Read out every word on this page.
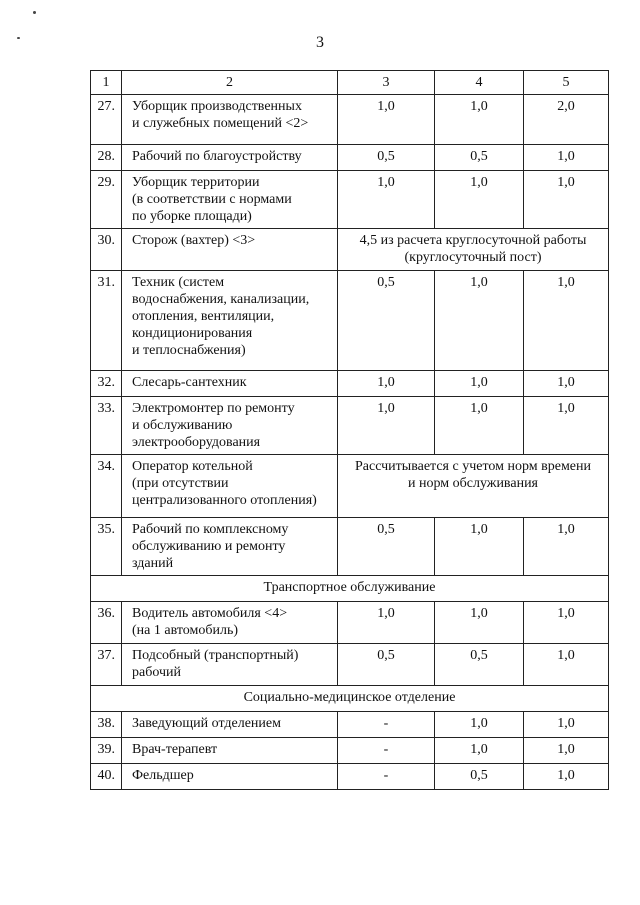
3
1	2	3	4	5
27.	Уборщик производственных
и служебных помещений <2>	1,0	1,0	2,0
28.	Рабочий по благоустройству	0,5	0,5	1,0
29.	Уборщик территории
(в соответствии с нормами
по уборке площади)	1,0	1,0	1,0
30.	Сторож (вахтер) <3>	4,5 из расчета круглосуточной работы
(круглосуточный пост)		
31.	Техник (систем
водоснабжения, канализации,
отопления, вентиляции,
кондиционирования
и теплоснабжения)	0,5	1,0	1,0
32.	Слесарь-сантехник	1,0	1,0	1,0
33.	Электромонтер по ремонту
и обслуживанию
электрооборудования	1,0	1,0	1,0
34.	Оператор котельной
(при отсутствии
централизованного отопления)	Рассчитывается с учетом норм времени
и норм обслуживания		
35.	Рабочий по комплексному
обслуживанию и ремонту
зданий	0,5	1,0	1,0
Транспортное обслуживание				
36.	Водитель автомобиля <4>
(на 1 автомобиль)	1,0	1,0	1,0
37.	Подсобный (транспортный)
рабочий	0,5	0,5	1,0
Социально-медицинское отделение				
38.	Заведующий отделением	-	1,0	1,0
39.	Врач-терапевт	-	1,0	1,0
40.	Фельдшер	-	0,5	1,0
